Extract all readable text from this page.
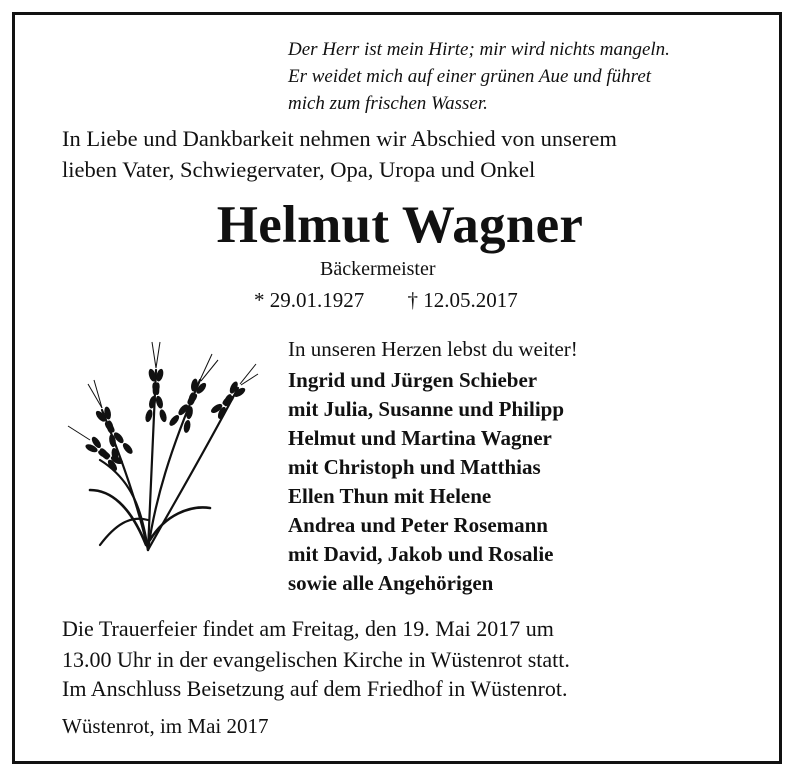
Der Herr ist mein Hirte; mir wird nichts mangeln.
Er weidet mich auf einer grünen Aue und führet
mich zum frischen Wasser.
In Liebe und Dankbarkeit nehmen wir Abschied von unserem
lieben Vater, Schwiegervater, Opa, Uropa und Onkel
Helmut Wagner
Bäckermeister
* 29.01.1927 † 12.05.2017
In unseren Herzen lebst du weiter!
Ingrid und Jürgen Schieber
mit Julia, Susanne und Philipp
Helmut und Martina Wagner
mit Christoph und Matthias
Ellen Thun mit Helene
Andrea und Peter Rosemann
mit David, Jakob und Rosalie
sowie alle Angehörigen
Die Trauerfeier findet am Freitag, den 19. Mai 2017 um
13.00 Uhr in der evangelischen Kirche in Wüstenrot statt.
Im Anschluss Beisetzung auf dem Friedhof in Wüstenrot.
Wüstenrot, im Mai 2017
